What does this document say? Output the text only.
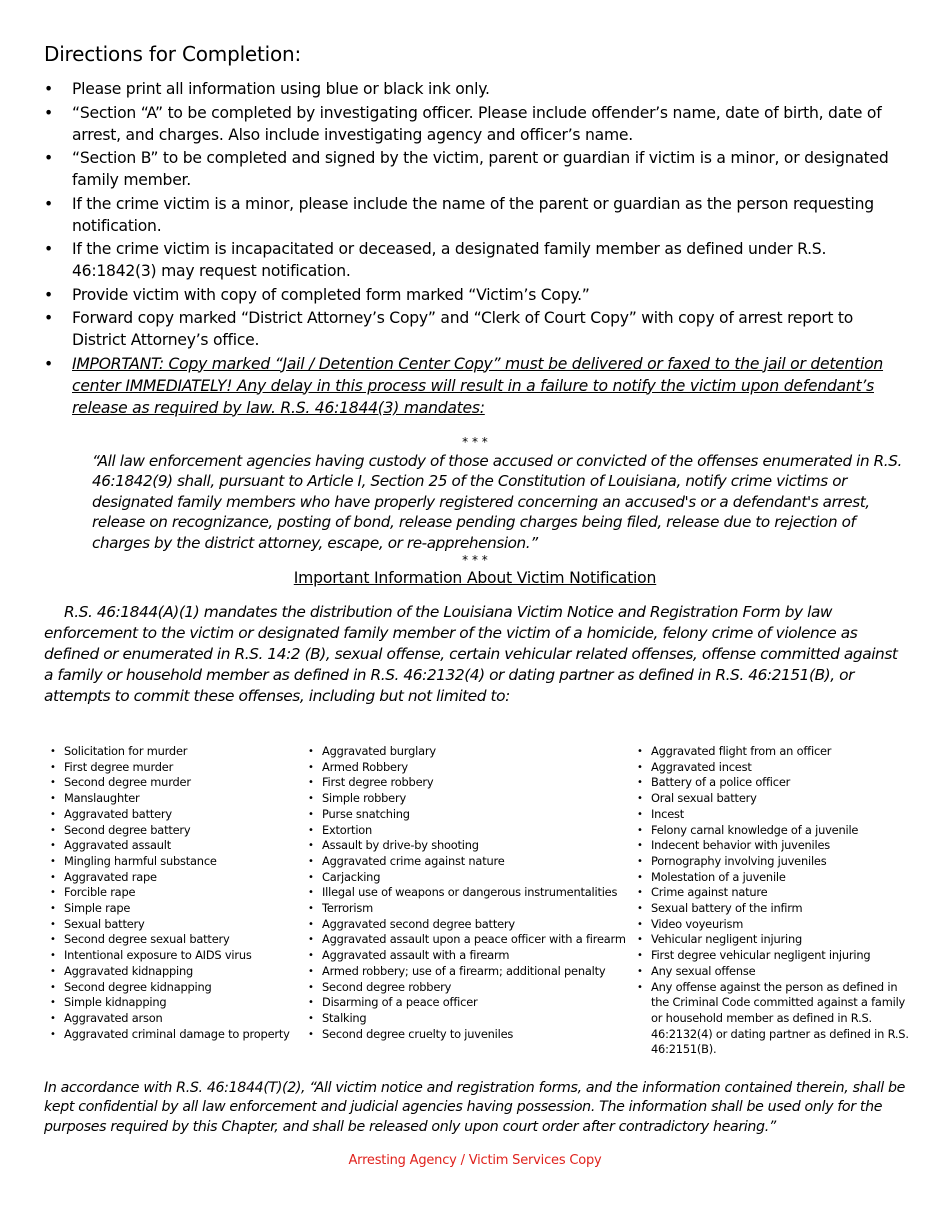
Directions for Completion:
• Please print all information using blue or black ink only.
• “Section “A” to be completed by investigating officer. Please include offender’s name, date of birth, date of arrest, and charges. Also include investigating agency and officer’s name.
• “Section B” to be completed and signed by the victim, parent or guardian if victim is a minor, or designated family member.
• If the crime victim is a minor, please include the name of the parent or guardian as the person requesting notification.
• If the crime victim is incapacitated or deceased, a designated family member as defined under R.S. 46:1842(3) may request notification.
• Provide victim with copy of completed form marked “Victim’s Copy.”
• Forward copy marked “District Attorney’s Copy” and “Clerk of Court Copy” with copy of arrest report to District Attorney’s office.
• IMPORTANT: Copy marked “Jail / Detention Center Copy” must be delivered or faxed to the jail or detention center IMMEDIATELY! Any delay in this process will result in a failure to notify the victim upon defendant’s release as required by law. R.S. 46:1844(3) mandates:

* * *

“All law enforcement agencies having custody of those accused or convicted of the offenses enumerated in R.S. 46:1842(9) shall, pursuant to Article I, Section 25 of the Constitution of Louisiana, notify crime victims or designated family members who have properly registered concerning an accused's or a defendant's arrest, release on recognizance, posting of bond, release pending charges being filed, release due to rejection of charges by the district attorney, escape, or re-apprehension.”

* * *

Important Information About Victim Notification
R.S. 46:1844(A)(1) mandates the distribution of the Louisiana Victim Notice and Registration Form by law enforcement to the victim or designated family member of the victim of a homicide, felony crime of violence as defined or enumerated in R.S. 14:2 (B), sexual offense, certain vehicular related offenses, offense committed against a family or household member as defined in R.S. 46:2132(4) or dating partner as defined in R.S. 46:2151(B), or attempts to commit these offenses, including but not limited to:
• Solicitation for murder
• First degree murder
• Second degree murder
• Manslaughter
• Aggravated battery
• Second degree battery
• Aggravated assault
• Mingling harmful substance
• Aggravated rape
• Forcible rape
• Simple rape
• Sexual battery
• Second degree sexual battery
• Intentional exposure to AIDS virus
• Aggravated kidnapping
• Second degree kidnapping
• Simple kidnapping
• Aggravated arson
• Aggravated criminal damage to property
• Aggravated burglary
• Armed Robbery
• First degree robbery
• Simple robbery
• Purse snatching
• Extortion
• Assault by drive-by shooting
• Aggravated crime against nature
• Carjacking
• Illegal use of weapons or dangerous instrumentalities
• Terrorism
• Aggravated second degree battery
• Aggravated assault upon a peace officer with a firearm
• Aggravated assault with a firearm
• Armed robbery; use of a firearm; additional penalty
• Second degree robbery
• Disarming of a peace officer
• Stalking
• Second degree cruelty to juveniles
• Aggravated flight from an officer
• Aggravated incest
• Battery of a police officer
• Oral sexual battery
• Incest
• Felony carnal knowledge of a juvenile
• Indecent behavior with juveniles
• Pornography involving juveniles
• Molestation of a juvenile
• Crime against nature
• Sexual battery of the infirm
• Video voyeurism
• Vehicular negligent injuring
• First degree vehicular negligent injuring
• Any sexual offense
• Any offense against the person as defined in the Criminal Code committed against a family or household member as defined in R.S. 46:2132(4) or dating partner as defined in R.S. 46:2151(B).
In accordance with R.S. 46:1844(T)(2), “All victim notice and registration forms, and the information contained therein, shall be kept confidential by all law enforcement and judicial agencies having possession. The information shall be used only for the purposes required by this Chapter, and shall be released only upon court order after contradictory hearing.”
Arresting Agency / Victim Services Copy
